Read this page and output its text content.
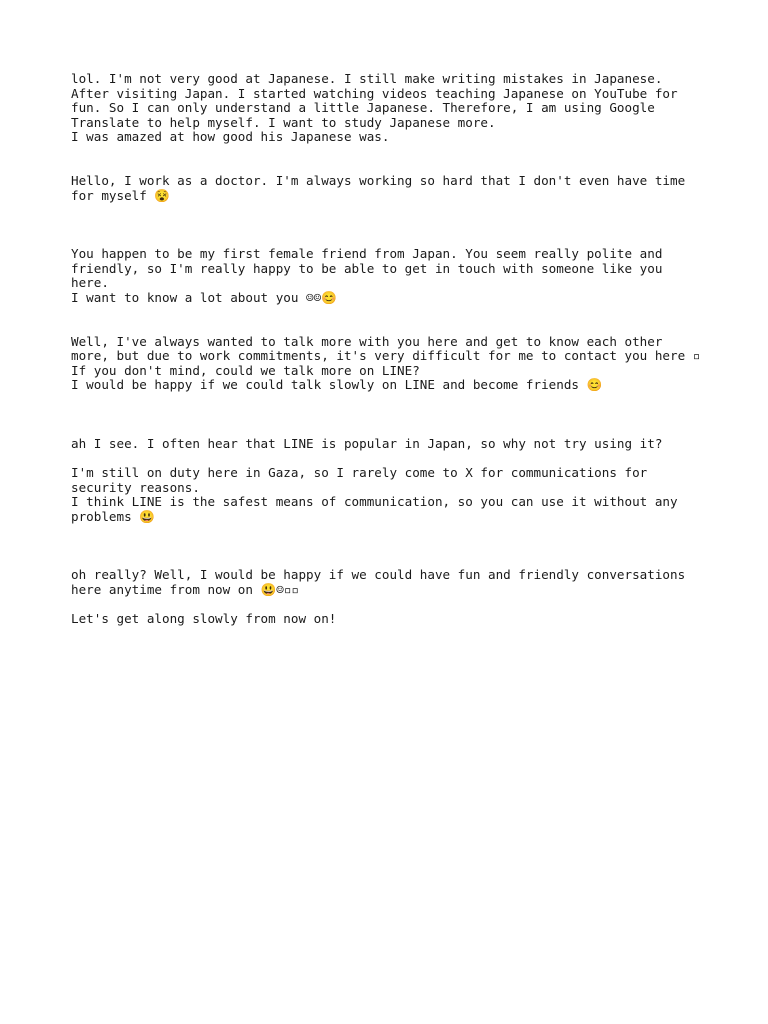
lol. I'm not very good at Japanese. I still make writing mistakes in Japanese.
After visiting Japan. I started watching videos teaching Japanese on YouTube for
fun. So I can only understand a little Japanese. Therefore, I am using Google
Translate to help myself. I want to study Japanese more.
I was amazed at how good his Japanese was.
Hello, I work as a doctor. I'm always working so hard that I don't even have time
for myself 😵
You happen to be my first female friend from Japan. You seem really polite and
friendly, so I'm really happy to be able to get in touch with someone like you
here.
I want to know a lot about you ☺☺😊
Well, I've always wanted to talk more with you here and get to know each other
more, but due to work commitments, it's very difficult for me to contact you here ▫
If you don't mind, could we talk more on LINE?
I would be happy if we could talk slowly on LINE and become friends 😊
ah I see. I often hear that LINE is popular in Japan, so why not try using it?
I'm still on duty here in Gaza, so I rarely come to X for communications for
security reasons.
I think LINE is the safest means of communication, so you can use it without any
problems 😃
oh really? Well, I would be happy if we could have fun and friendly conversations
here anytime from now on 😃☺▫▫
Let's get along slowly from now on!
